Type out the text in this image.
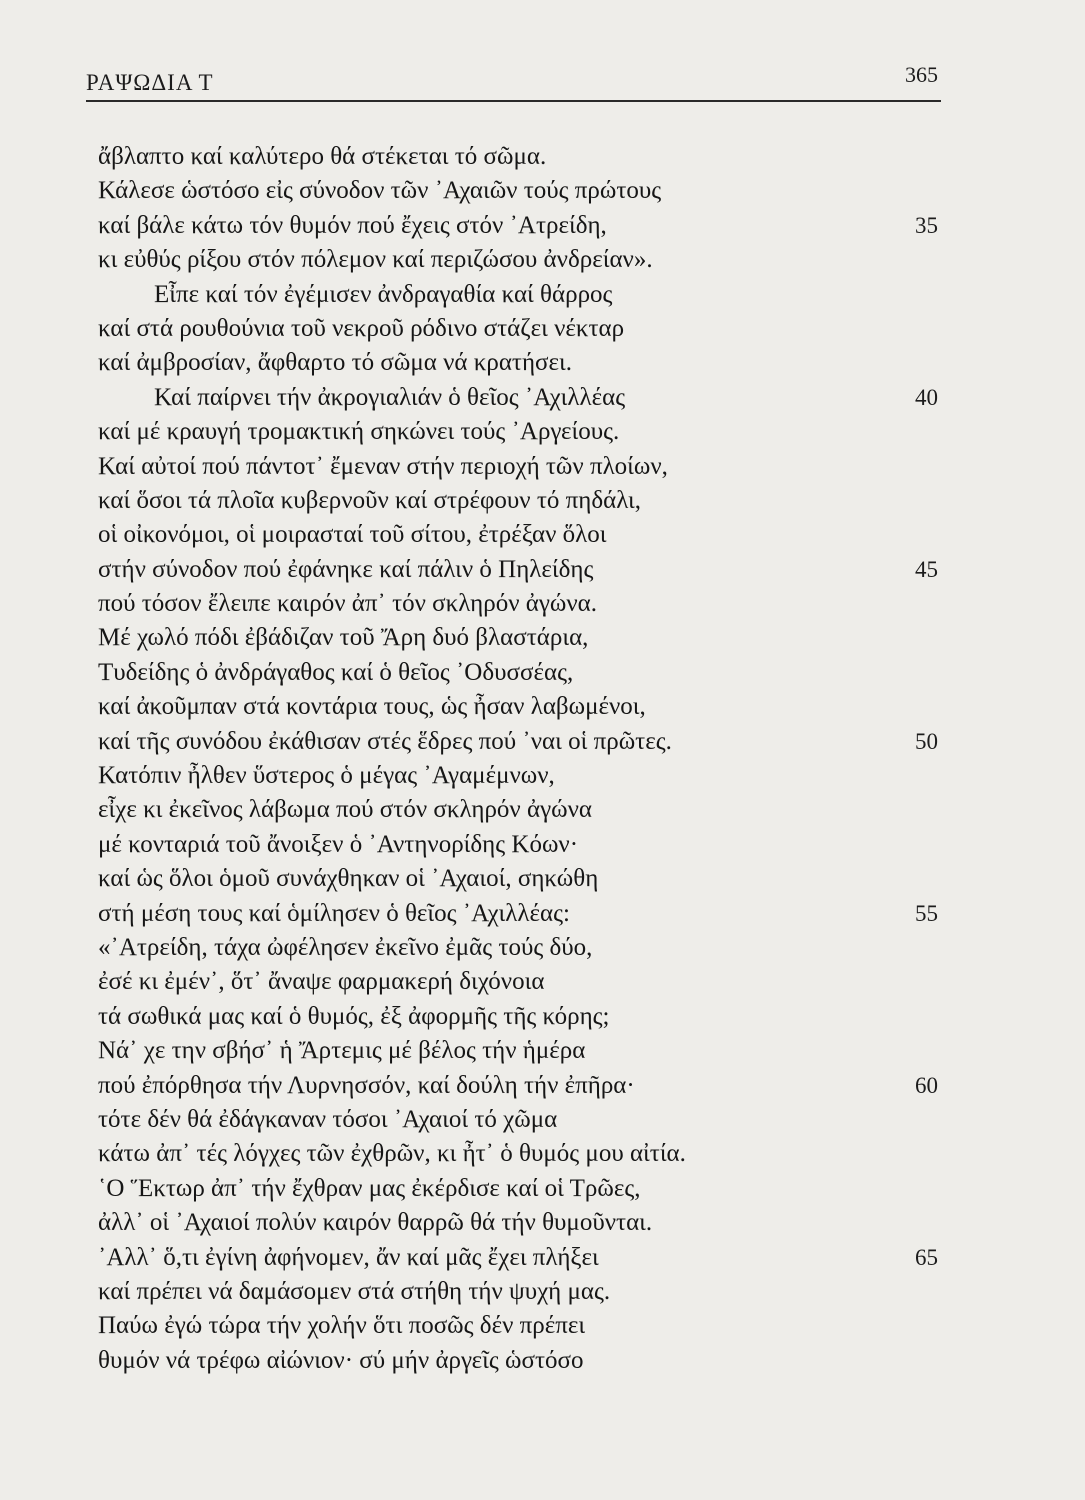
ΡΑΨΩΔΙΑ Τ	365
ἄβλαπτο καί καλύτερο θά στέκεται τό σῶμα.
Κάλεσε ὡστόσο εἰς σύνοδον τῶν ᾿Αχαιῶν τούς πρώτους
καί βάλε κάτω τόν θυμόν πού ἔχεις στόν ᾿Ατρείδη,	35
κι εὐθύς ρίξου στόν πόλεμον καί περιζώσου ἀνδρείαν».
Εἶπε καί τόν ἐγέμισεν ἀνδραγαθία καί θάρρος
καί στά ρουθούνια τοῦ νεκροῦ ρόδινο στάζει νέκταρ
καί ἀμβροσίαν, ἄφθαρτο τό σῶμα νά κρατήσει.
Καί παίρνει τήν ἀκρογιαλιάν ὁ θεῖος ᾿Αχιλλέας	40
καί μέ κραυγή τρομακτική σηκώνει τούς ᾿Αργείους.
Καί αὐτοί πού πάντοτ᾿ ἔμεναν στήν περιοχή τῶν πλοίων,
καί ὅσοι τά πλοῖα κυβερνοῦν καί στρέφουν τό πηδάλι,
οἱ οἰκονόμοι, οἱ μοιρασταί τοῦ σίτου, ἐτρέξαν ὅλοι
στήν σύνοδον πού ἐφάνηκε καί πάλιν ὁ Πηλείδης	45
πού τόσον ἔλειπε καιρόν ἀπ᾿ τόν σκληρόν ἀγώνα.
Μέ χωλό πόδι ἐβάδιζαν τοῦ Ἄρη δυό βλαστάρια,
Τυδείδης ὁ ἀνδράγαθος καί ὁ θεῖος ᾿Οδυσσέας,
καί ἀκοῦμπαν στά κοντάρια τους, ὡς ἦσαν λαβωμένοι,
καί τῆς συνόδου ἐκάθισαν στές ἕδρες πού ᾿ναι οἱ πρῶτες.	50
Κατόπιν ἦλθεν ὕστερος ὁ μέγας ᾿Αγαμέμνων,
εἶχε κι ἐκεῖνος λάβωμα πού στόν σκληρόν ἀγώνα
μέ κονταριά τοῦ ἄνοιξεν ὁ ᾿Αντηνορίδης Κόων·
καί ὡς ὅλοι ὁμοῦ συνάχθηκαν οἱ ᾿Αχαιοί, σηκώθη
στή μέση τους καί ὁμίλησεν ὁ θεῖος ᾿Αχιλλέας:	55
«᾿Ατρείδη, τάχα ὠφέλησεν ἐκεῖνο ἐμᾶς τούς δύο,
ἐσέ κι ἐμέν᾿, ὅτ᾿ ἄναψε φαρμακερή διχόνοια
τά σωθικά μας καί ὁ θυμός, ἐξ ἀφορμῆς τῆς κόρης;
Νά᾿ χε την σβήσ᾿ ἡ Ἄρτεμις μέ βέλος τήν ἡμέρα
πού ἐπόρθησα τήν Λυρνησσόν, καί δούλη τήν ἐπῆρα·	60
τότε δέν θά ἐδάγκαναν τόσοι ᾿Αχαιοί τό χῶμα
κάτω ἀπ᾿ τές λόγχες τῶν ἐχθρῶν, κι ἦτ᾿ ὁ θυμός μου αἰτία.
῾Ο Ἕκτωρ ἀπ᾿ τήν ἔχθραν μας ἐκέρδισε καί οἱ Τρῶες,
ἀλλ᾿ οἱ ᾿Αχαιοί πολύν καιρόν θαρρῶ θά τήν θυμοῦνται.
᾿Αλλ᾿ ὅ,τι ἐγίνη ἀφήνομεν, ἄν καί μᾶς ἔχει πλήξει	65
καί πρέπει νά δαμάσομεν στά στήθη τήν ψυχή μας.
Παύω ἐγώ τώρα τήν χολήν ὅτι ποσῶς δέν πρέπει
θυμόν νά τρέφω αἰώνιον· σύ μήν ἀργεῖς ὡστόσο
